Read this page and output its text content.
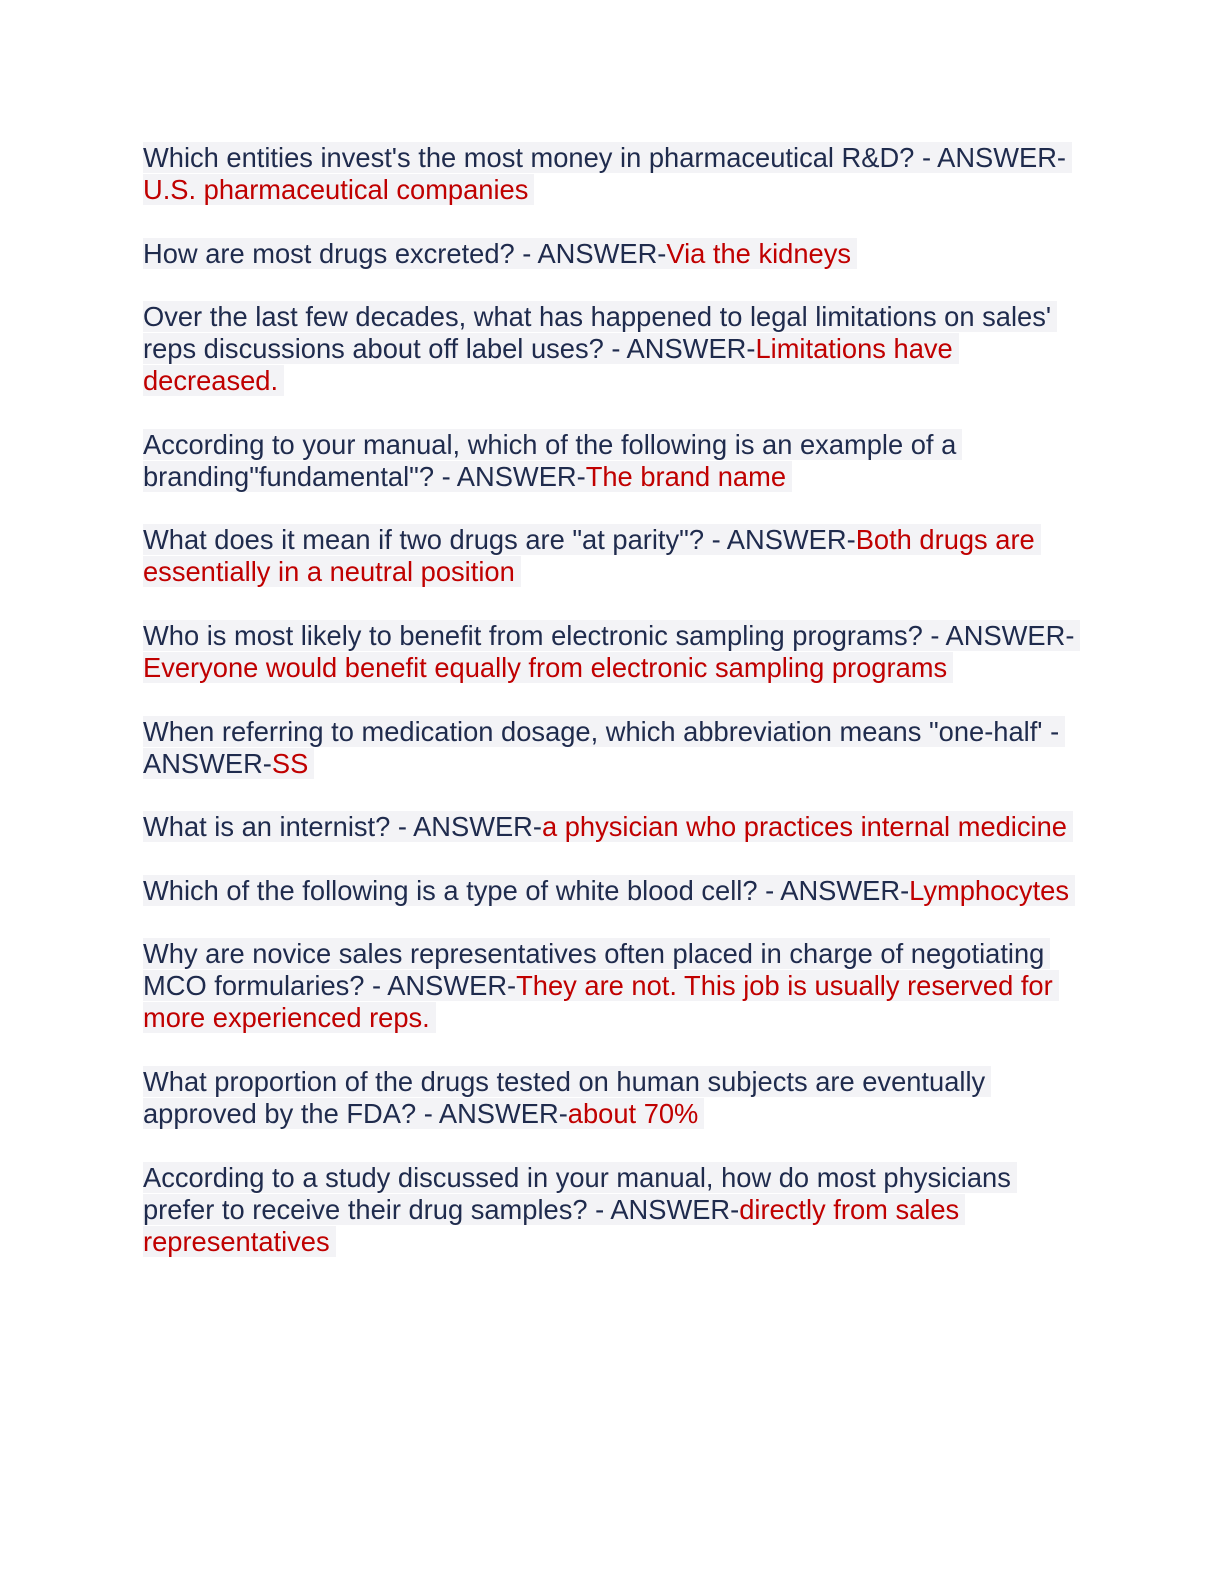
Which entities invest's the most money in pharmaceutical R&D? - ANSWER-U.S. pharmaceutical companies

How are most drugs excreted? - ANSWER-Via the kidneys

Over the last few decades, what has happened to legal limitations on sales' reps discussions about off label uses? - ANSWER-Limitations have decreased.

According to your manual, which of the following is an example of a branding"fundamental"? - ANSWER-The brand name

What does it mean if two drugs are "at parity"? - ANSWER-Both drugs are essentially in a neutral position

Who is most likely to benefit from electronic sampling programs? - ANSWER-Everyone would benefit equally from electronic sampling programs

When referring to medication dosage, which abbreviation means "one-half' - ANSWER-SS

What is an internist? - ANSWER-a physician who practices internal medicine

Which of the following is a type of white blood cell? - ANSWER-Lymphocytes

Why are novice sales representatives often placed in charge of negotiating MCO formularies? - ANSWER-They are not. This job is usually reserved for more experienced reps.

What proportion of the drugs tested on human subjects are eventually approved by the FDA? - ANSWER-about 70%

According to a study discussed in your manual, how do most physicians prefer to receive their drug samples? - ANSWER-directly from sales representatives
